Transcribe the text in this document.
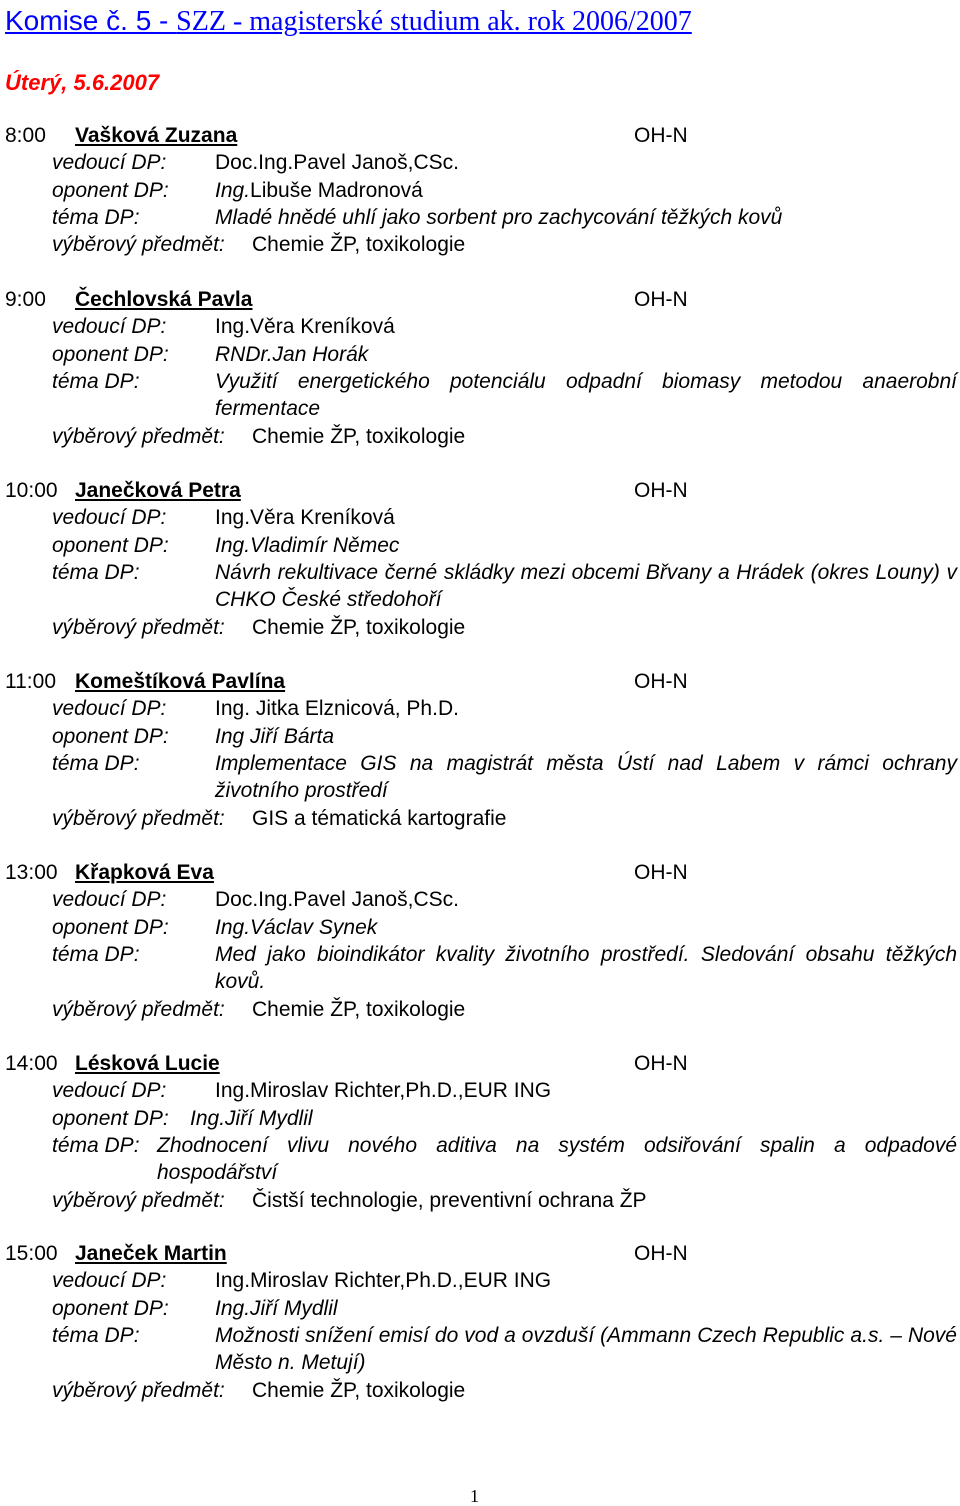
Komise č. 5 - SZZ - magisterské studium ak. rok 2006/2007
Úterý, 5.6.2007
8:00 Vašková Zuzana	OH-N
vedoucí DP: Doc.Ing.Pavel Janoš,CSc.
oponent DP: Ing.Libuše Madronová
téma DP:	Mladé hnědé uhlí jako sorbent pro zachycování těžkých kovů
výběrový předmět: Chemie ŽP, toxikologie
9:00 Čechlovská Pavla	OH-N
vedoucí DP: Ing.Věra Kreníková
oponent DP: RNDr.Jan Horák
téma DP:	Využití energetického potenciálu odpadní biomasy metodou anaerobní fermentace
výběrový předmět: Chemie ŽP, toxikologie
10:00 Janečková Petra	OH-N
vedoucí DP: Ing.Věra Kreníková
oponent DP: Ing.Vladimír Němec
téma DP:	Návrh rekultivace černé skládky mezi obcemi Břvany a Hrádek (okres Louny) v CHKO České středohoří
výběrový předmět: Chemie ŽP, toxikologie
11:00 Komeštíková Pavlína	OH-N
vedoucí DP: Ing. Jitka Elznicová, Ph.D.
oponent DP: Ing Jiří Bárta
téma DP:	Implementace GIS na magistrát města Ústí nad Labem v rámci ochrany životního prostředí
výběrový předmět: GIS a tématická kartografie
13:00 Křapková Eva	OH-N
vedoucí DP: Doc.Ing.Pavel Janoš,CSc.
oponent DP: Ing.Václav Synek
téma DP:	Med jako bioindikátor kvality životního prostředí. Sledování obsahu těžkých kovů.
výběrový předmět: Chemie ŽP, toxikologie
14:00 Lésková Lucie	OH-N
vedoucí DP: Ing.Miroslav Richter,Ph.D.,EUR ING
oponent DP: Ing.Jiří Mydlil
téma DP: Zhodnocení vlivu nového aditiva na systém odsiřování spalin a odpadové hospodářství
výběrový předmět: Čistší technologie, preventivní ochrana ŽP
15:00 Janeček Martin	OH-N
vedoucí DP: Ing.Miroslav Richter,Ph.D.,EUR ING
oponent DP: Ing.Jiří Mydlil
téma DP:	Možnosti snížení emisí do vod a ovzduší (Ammann Czech Republic a.s. – Nové Město n. Metují)
výběrový předmět: Chemie ŽP, toxikologie
1
